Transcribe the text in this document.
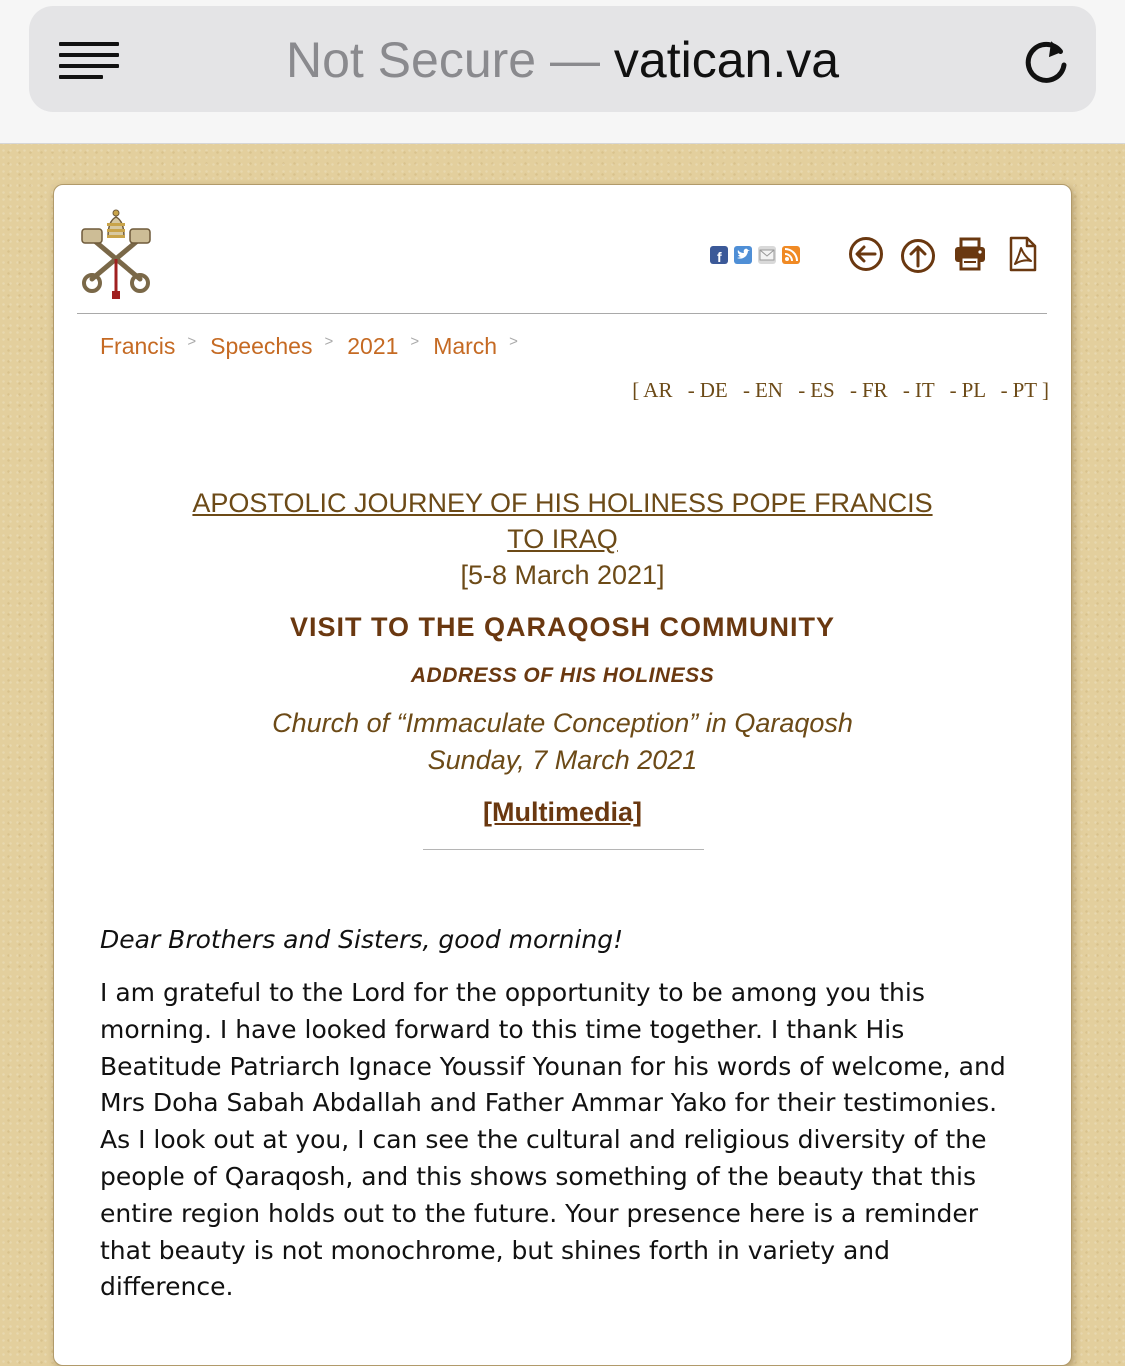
Not Secure — vatican.va
f
Francis > Speeches > 2021 > March >
[ AR - DE - EN - ES - FR - IT - PL - PT ]
APOSTOLIC JOURNEY OF HIS HOLINESS POPE FRANCIS
TO IRAQ
[5-8 March 2021]
VISIT TO THE QARAQOSH COMMUNITY
ADDRESS OF HIS HOLINESS
Church of “Immaculate Conception” in Qaraqosh
Sunday, 7 March 2021
[Multimedia]
Dear Brothers and Sisters, good morning!
I am grateful to the Lord for the opportunity to be among you this morning. I have looked forward to this time together. I thank His Beatitude Patriarch Ignace Youssif Younan for his words of welcome, and Mrs Doha Sabah Abdallah and Father Ammar Yako for their testimonies. As I look out at you, I can see the cultural and religious diversity of the people of Qaraqosh, and this shows something of the beauty that this entire region holds out to the future. Your presence here is a reminder that beauty is not monochrome, but shines forth in variety and difference.
